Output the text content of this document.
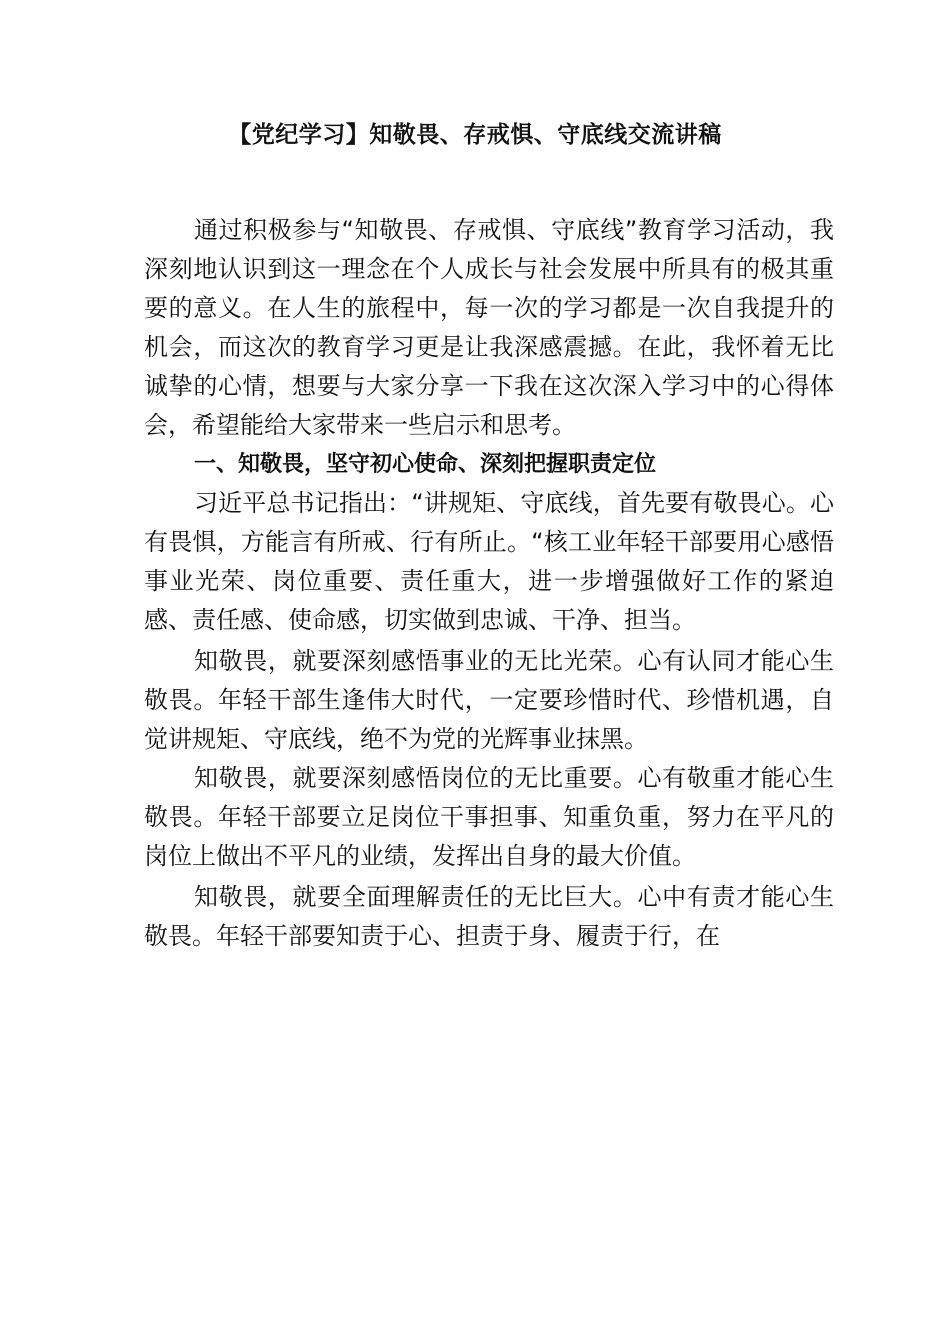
【党纪学习】知敬畏、存戒惧、守底线交流讲稿

通过积极参与“知敬畏、存戒惧、守底线”教育学习活动，我深刻地认识到这一理念在个人成长与社会发展中所具有的极其重要的意义。在人生的旅程中，每一次的学习都是一次自我提升的机会，而这次的教育学习更是让我深感震撼。在此，我怀着无比诚挚的心情，想要与大家分享一下我在这次深入学习中的心得体会，希望能给大家带来一些启示和思考。

一、知敬畏，坚守初心使命、深刻把握职责定位

习近平总书记指出：“讲规矩、守底线，首先要有敬畏心。心有畏惧，方能言有所戒、行有所止。“核工业年轻干部要用心感悟事业光荣、岗位重要、责任重大，进一步增强做好工作的紧迫感、责任感、使命感，切实做到忠诚、干净、担当。

知敬畏，就要深刻感悟事业的无比光荣。心有认同才能心生敬畏。年轻干部生逢伟大时代，一定要珍惜时代、珍惜机遇，自觉讲规矩、守底线，绝不为党的光辉事业抹黑。

知敬畏，就要深刻感悟岗位的无比重要。心有敬重才能心生敬畏。年轻干部要立足岗位干事担事、知重负重，努力在平凡的岗位上做出不平凡的业绩，发挥出自身的最大价值。

知敬畏，就要全面理解责任的无比巨大。心中有责才能心生敬畏。年轻干部要知责于心、担责于身、履责于行，在
